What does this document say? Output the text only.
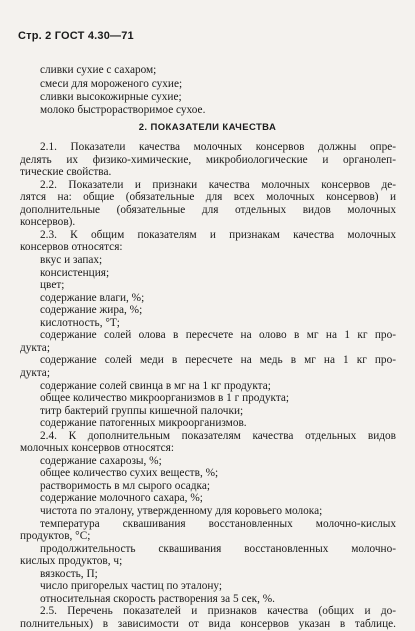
Стр. 2 ГОСТ 4.30—71
сливки сухие с сахаром;
смеси для мороженого сухие;
сливки высокожирные сухие;
молоко быстрорастворимое сухое.
2. ПОКАЗАТЕЛИ КАЧЕСТВА
2.1. Показатели качества молочных консервов должны опре-
делять их физико-химические, микробиологические и органолеп-
тические свойства.
2.2. Показатели и признаки качества молочных консервов де-
лятся на: общие (обязательные для всех молочных консервов) и
дополнительные (обязательные для отдельных видов молочных
консервов).
2.3. К общим показателям и признакам качества молочных
консервов относятся:
вкус и запах;
консистенция;
цвет;
содержание влаги, %;
содержание жира, %;
кислотность, °Т;
содержание солей олова в пересчете на олово в мг на 1 кг про-
дукта;
содержание солей меди в пересчете на медь в мг на 1 кг про-
дукта;
содержание солей свинца в мг на 1 кг продукта;
общее количество микроорганизмов в 1 г продукта;
титр бактерий группы кишечной палочки;
содержание патогенных микроорганизмов.
2.4. К дополнительным показателям качества отдельных видов
молочных консервов относятся:
содержание сахарозы, %;
общее количество сухих веществ, %;
растворимость в мл сырого осадка;
содержание молочного сахара, %;
чистота по эталону, утвержденному для коровьего молока;
температура сквашивания восстановленных молочно-кислых
продуктов, °С;
продолжительность сквашивания восстановленных молочно-
кислых продуктов, ч;
вязкость, П;
число пригорелых частиц по эталону;
относительная скорость растворения за 5 сек, %.
2.5. Перечень показателей и признаков качества (общих и до-
полнительных) в зависимости от вида консервов указан в таблице.
